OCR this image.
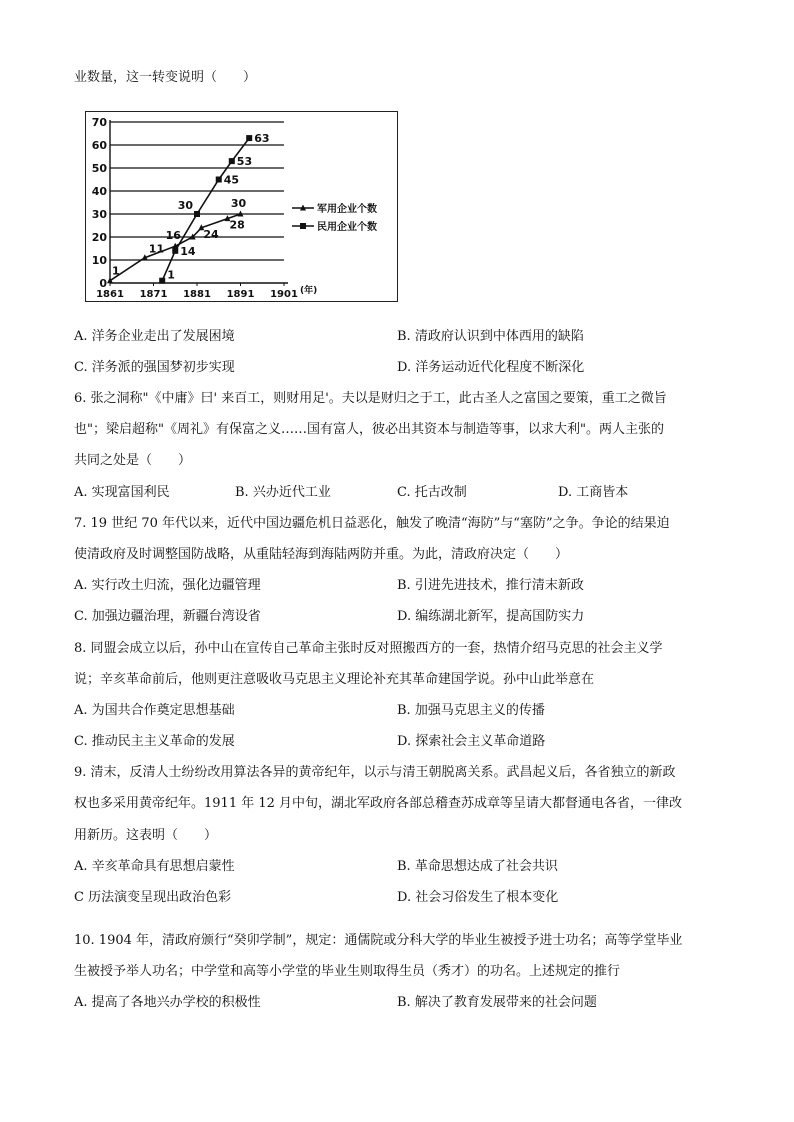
业数量，这一转变说明（　　）
0
10
20
30
40
50
60
70
1861 1871 1881 1891 1901 (年)
1
11
16 24
28
30
1
14
30
45
53
63
军用企业个数
民用企业个数
A. 洋务企业走出了发展困境	B. 清政府认识到中体西用的缺陷
C. 洋务派的强国梦初步实现	D. 洋务运动近代化程度不断深化
6. 张之洞称"《中庸》曰' 来百工，则财用足'。夫以是财归之于工，此古圣人之富国之要策，重工之微旨
也"；梁启超称"《周礼》有保富之义……国有富人，彼必出其资本与制造等事，以求大利"。两人主张的
共同之处是（　　）
A. 实现富国利民	B. 兴办近代工业	C. 托古改制	D. 工商皆本
7. 19 世纪 70 年代以来，近代中国边疆危机日益恶化，触发了晚清“海防”与“塞防”之争。争论的结果迫
使清政府及时调整国防战略，从重陆轻海到海陆两防并重。为此，清政府决定（　　）
A. 实行改土归流，强化边疆管理	B. 引进先进技术，推行清末新政
C. 加强边疆治理，新疆台湾设省	D. 编练湖北新军，提高国防实力
8. 同盟会成立以后，孙中山在宣传自己革命主张时反对照搬西方的一套，热情介绍马克思的社会主义学
说；辛亥革命前后，他则更注意吸收马克思主义理论补充其革命建国学说。孙中山此举意在
A. 为国共合作奠定思想基础	B. 加强马克思主义的传播
C. 推动民主主义革命的发展	D. 探索社会主义革命道路
9. 清末，反清人士纷纷改用算法各异的黄帝纪年，以示与清王朝脱离关系。武昌起义后，各省独立的新政
权也多采用黄帝纪年。1911 年 12 月中旬，湖北军政府各部总稽查苏成章等呈请大都督通电各省，一律改
用新历。这表明（　　）
A. 辛亥革命具有思想启蒙性	B. 革命思想达成了社会共识
C 历法演变呈现出政治色彩	D. 社会习俗发生了根本变化
10. 1904 年，清政府颁行“癸卯学制”，规定：通儒院或分科大学的毕业生被授予进士功名；高等学堂毕业
生被授予举人功名；中学堂和高等小学堂的毕业生则取得生员（秀才）的功名。上述规定的推行
A. 提高了各地兴办学校的积极性	B. 解决了教育发展带来的社会问题
